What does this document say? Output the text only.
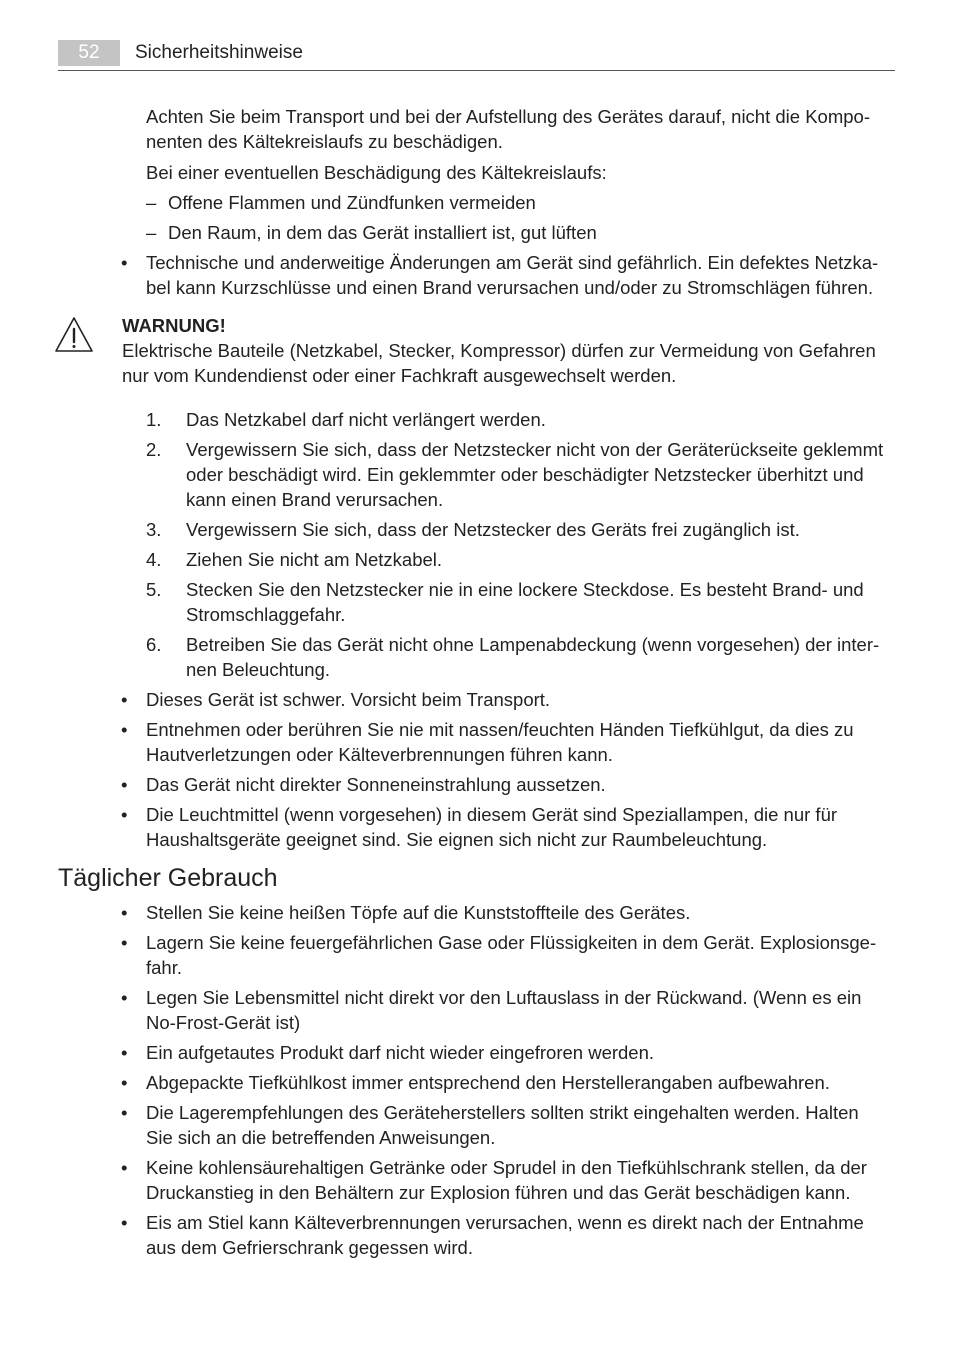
52	Sicherheitshinweise
Achten Sie beim Transport und bei der Aufstellung des Gerätes darauf, nicht die Kompo-
nenten des Kältekreislaufs zu beschädigen.
Bei einer eventuellen Beschädigung des Kältekreislaufs:
– Offene Flammen und Zündfunken vermeiden
– Den Raum, in dem das Gerät installiert ist, gut lüften
• Technische und anderweitige Änderungen am Gerät sind gefährlich. Ein defektes Netzka-
bel kann Kurzschlüsse und einen Brand verursachen und/oder zu Stromschlägen führen.
WARNUNG!
Elektrische Bauteile (Netzkabel, Stecker, Kompressor) dürfen zur Vermeidung von Gefahren
nur vom Kundendienst oder einer Fachkraft ausgewechselt werden.
1. Das Netzkabel darf nicht verlängert werden.
2. Vergewissern Sie sich, dass der Netzstecker nicht von der Geräterückseite geklemmt
oder beschädigt wird. Ein geklemmter oder beschädigter Netzstecker überhitzt und
kann einen Brand verursachen.
3. Vergewissern Sie sich, dass der Netzstecker des Geräts frei zugänglich ist.
4. Ziehen Sie nicht am Netzkabel.
5. Stecken Sie den Netzstecker nie in eine lockere Steckdose. Es besteht Brand- und
Stromschlaggefahr.
6. Betreiben Sie das Gerät nicht ohne Lampenabdeckung (wenn vorgesehen) der inter-
nen Beleuchtung.
• Dieses Gerät ist schwer. Vorsicht beim Transport.
• Entnehmen oder berühren Sie nie mit nassen/feuchten Händen Tiefkühlgut, da dies zu
Hautverletzungen oder Kälteverbrennungen führen kann.
• Das Gerät nicht direkter Sonneneinstrahlung aussetzen.
• Die Leuchtmittel (wenn vorgesehen) in diesem Gerät sind Speziallampen, die nur für
Haushaltsgeräte geeignet sind. Sie eignen sich nicht zur Raumbeleuchtung.
Täglicher Gebrauch
• Stellen Sie keine heißen Töpfe auf die Kunststoffteile des Gerätes.
• Lagern Sie keine feuergefährlichen Gase oder Flüssigkeiten in dem Gerät. Explosionsge-
fahr.
• Legen Sie Lebensmittel nicht direkt vor den Luftauslass in der Rückwand. (Wenn es ein
No-Frost-Gerät ist)
• Ein aufgetautes Produkt darf nicht wieder eingefroren werden.
• Abgepackte Tiefkühlkost immer entsprechend den Herstellerangaben aufbewahren.
• Die Lagerempfehlungen des Geräteherstellers sollten strikt eingehalten werden. Halten
Sie sich an die betreffenden Anweisungen.
• Keine kohlensäurehaltigen Getränke oder Sprudel in den Tiefkühlschrank stellen, da der
Druckanstieg in den Behältern zur Explosion führen und das Gerät beschädigen kann.
• Eis am Stiel kann Kälteverbrennungen verursachen, wenn es direkt nach der Entnahme
aus dem Gefrierschrank gegessen wird.
